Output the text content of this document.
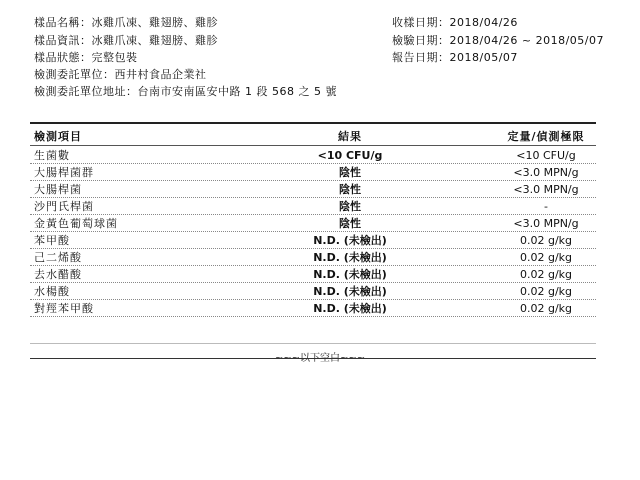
樣品名稱：冰雞爪凍、雞翅膀、雞胗
樣品資訊：冰雞爪凍、雞翅膀、雞胗
樣品狀態：完整包裝
檢測委託單位：西井村食品企業社
檢測委託單位地址：台南市安南區安中路 1 段 568 之 5 號
收樣日期：2018/04/26
檢驗日期：2018/04/26 ~ 2018/05/07
報告日期：2018/05/07
檢測項目	結果	定量/偵測極限
生菌數	<10 CFU/g	<10 CFU/g
大腸桿菌群	陰性	<3.0 MPN/g
大腸桿菌	陰性	<3.0 MPN/g
沙門氏桿菌	陰性	-
金黃色葡萄球菌	陰性	<3.0 MPN/g
苯甲酸	N.D. (未檢出)	0.02 g/kg
己二烯酸	N.D. (未檢出)	0.02 g/kg
去水醋酸	N.D. (未檢出)	0.02 g/kg
水楊酸	N.D. (未檢出)	0.02 g/kg
對羥苯甲酸	N.D. (未檢出)	0.02 g/kg
